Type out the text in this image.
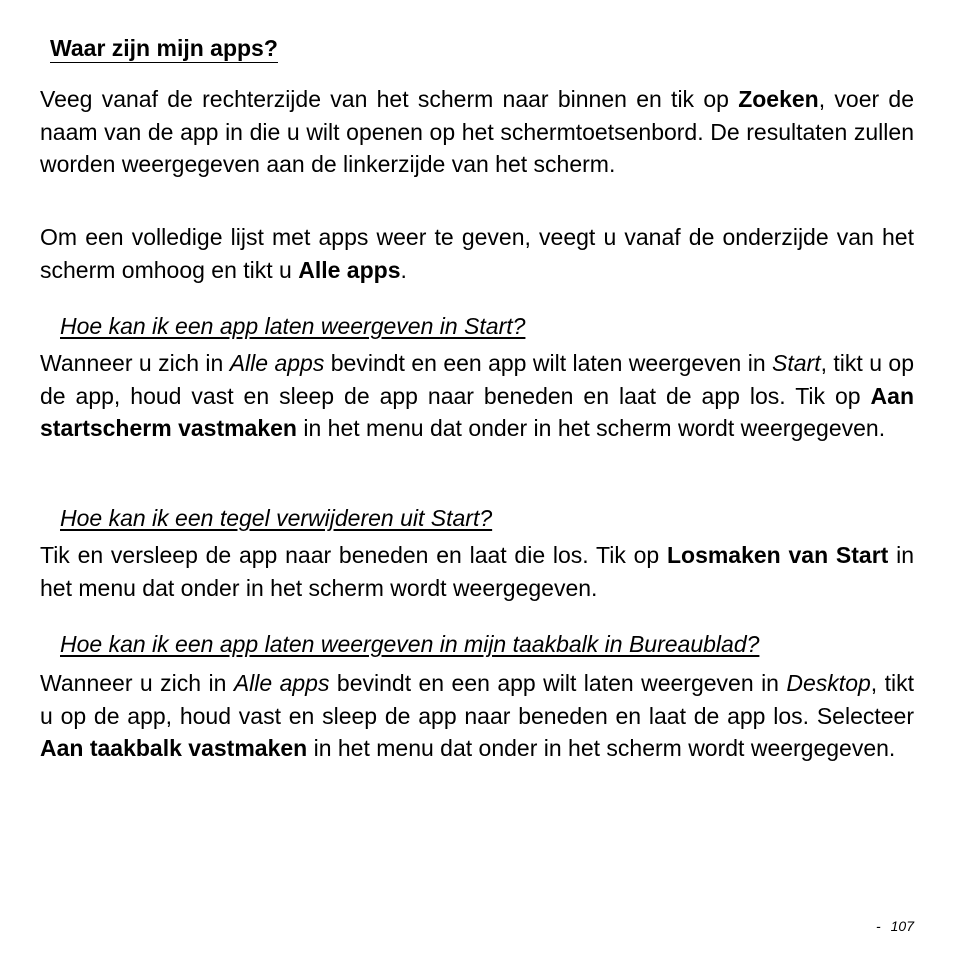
Waar zijn mijn apps?

Veeg vanaf de rechterzijde van het scherm naar binnen en tik op Zoeken, voer de naam van de app in die u wilt openen op het schermtoetsenbord. De resultaten zullen worden weergegeven aan de linkerzijde van het scherm.

Om een volledige lijst met apps weer te geven, veegt u vanaf de onderzijde van het scherm omhoog en tikt u Alle apps.

Hoe kan ik een app laten weergeven in Start?

Wanneer u zich in Alle apps bevindt en een app wilt laten weergeven in Start, tikt u op de app, houd vast en sleep de app naar beneden en laat de app los. Tik op Aan startscherm vastmaken in het menu dat onder in het scherm wordt weergegeven.

Hoe kan ik een tegel verwijderen uit Start?

Tik en versleep de app naar beneden en laat die los. Tik op Losmaken van Start in het menu dat onder in het scherm wordt weergegeven.

Hoe kan ik een app laten weergeven in mijn taakbalk in Bureaublad?

Wanneer u zich in Alle apps bevindt en een app wilt laten weergeven in Desktop, tikt u op de app, houd vast en sleep de app naar beneden en laat de app los. Selecteer Aan taakbalk vastmaken in het menu dat onder in het scherm wordt weergegeven.

- 107
